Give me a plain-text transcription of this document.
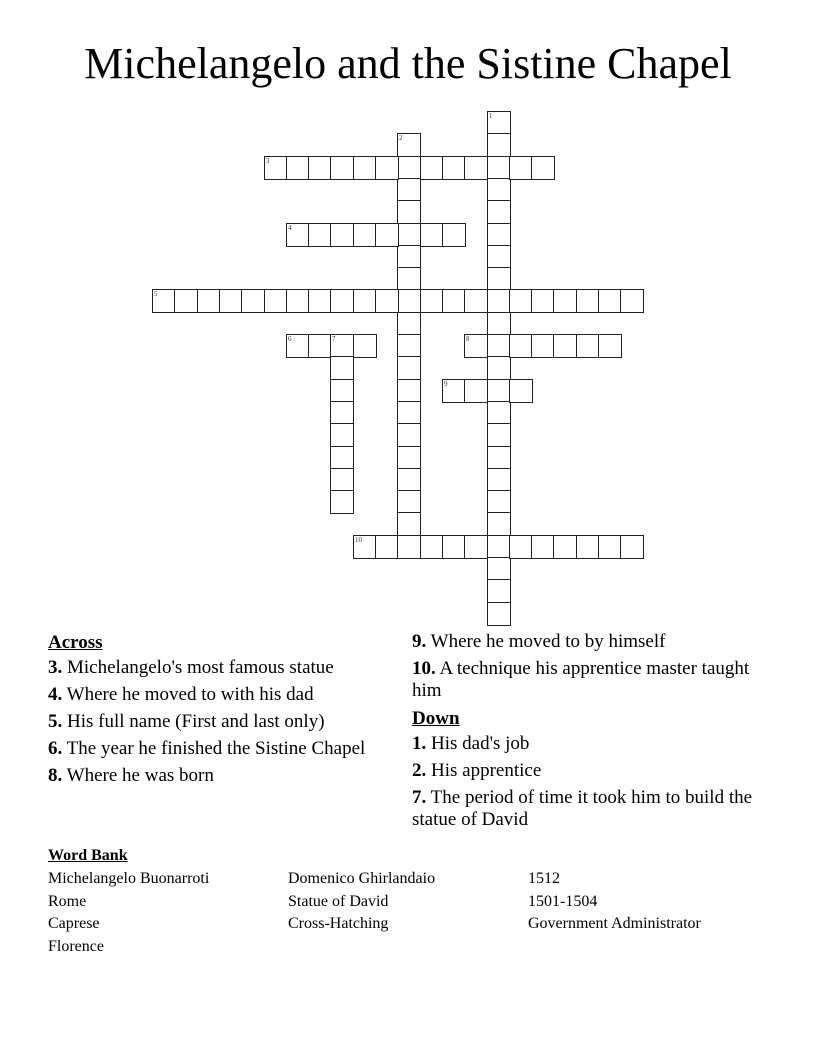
Michelangelo and the Sistine Chapel
1
2
3
4
5
6	7	8
9
10
Across
3. Michelangelo's most famous statue
4. Where he moved to with his dad
5. His full name (First and last only)
6. The year he finished the Sistine Chapel
8. Where he was born
9. Where he moved to by himself
10. A technique his apprentice master taught him
Down
1. His dad's job
2. His apprentice
7. The period of time it took him to build the statue of David
Word Bank
Michelangelo Buonarroti
Rome
Caprese
Florence
Domenico Ghirlandaio
Statue of David
Cross-Hatching
1512
1501-1504
Government Administrator
